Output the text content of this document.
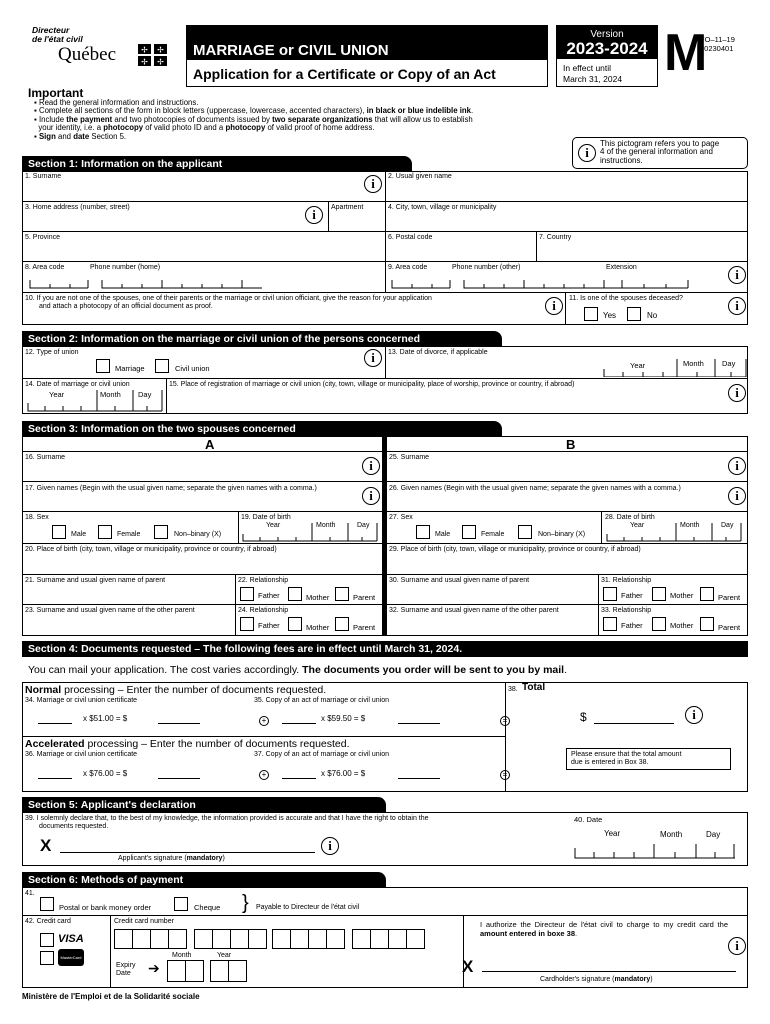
Directeur
de l'état civil
Québec	✢ ✢
✢ ✢
MARRIAGE or CIVIL UNION
Application for a Certificate or Copy of an Act
Version
2023-2024
In effect until
March 31, 2024 M
FO–11–19
20230401
Important
▪ Read the general information and instructions.
▪ Complete all sections of the form in block letters (uppercase, lowercase, accented characters), in black or blue indelible ink.
▪ Include the payment and two photocopies of documents issued by two separate organizations that will allow us to establish
your identity, i.e. a photocopy of valid photo ID and a photocopy of valid proof of home address.
▪ Sign and date Section 5.
i
This pictogram refers you to page
4 of the general information and
instructions.
Section 1: Information on the applicant
1. Surname	i	2. Usual given name
3. Home address (number, street)	i	Apartment	4. City, town, village or municipality
5. Province	6. Postal code	7. Country
8. Area code	Phone number (home)	9. Area code	Phone number (other)	Extension	i
10. If you are not one of the spouses, one of their parents or the marriage or civil union officiant, give the reason for your application
and attach a photocopy of an official document as proof.	i	11. Is one of the spouses deceased?
Yes	No
i
Section 2: Information on the marriage or civil union of the persons concerned
12. Type of union
Marriage	Civil union
i	13. Date of divorce, if applicable
Year	Month Day
14. Date of marriage or civil union
Year	Month Day
15. Place of registration of marriage or civil union (city, town, village or municipality, place of worship, province or country, if abroad)
i
Section 3: Information on the two spouses concerned
A	B
16. Surname
i
17. Given names (Begin with the usual given name; separate the given names with a comma.)	i
18. Sex
Male	Female	Non–binary (X)
19. Date of birth
Year	Month	Day
20. Place of birth (city, town, village or municipality, province or country, if abroad)
21. Surname and usual given name of parent	22. Relationship
Father	Mother	Parent
23. Surname and usual given name of the other parent	24. Relationship
Father	Mother	Parent
25. Surname
i
26. Given names (Begin with the usual given name; separate the given names with a comma.)	i
27. Sex
Male	Female	Non–binary (X)
28. Date of birth
Year	Month	Day
29. Place of birth (city, town, village or municipality, province or country, if abroad)
30. Surname and usual given name of parent	31. Relationship
Father	Mother	Parent
32. Surname and usual given name of the other parent	33. Relationship
Father	Mother	Parent
Section 4: Documents requested – The following fees are in effect until March 31, 2024.
You can mail your application. The cost varies accordingly. The documents you order will be sent to you by mail.
Normal processing – Enter the number of documents requested.
34. Marriage or civil union certificate
x $51.00 = $
35. Copy of an act of marriage or civil union
+	x $59.50 = $	=
38. Total
$	i
Accelerated processing – Enter the number of documents requested.
36. Marriage or civil union certificate
x $76.00 = $
37. Copy of an act of marriage or civil union
+	x $76.00 = $	=
Please ensure that the total amount
due is entered in Box 38.
Section 5: Applicant's declaration
39. I solemnly declare that, to the best of my knowledge, the information provided is accurate and that I have the right to obtain the
documents requested.
X	i
Applicant's signature (mandatory)
40. Date
Year	Month	Day
Section 6: Methods of payment
41.
Postal or bank money order	Cheque } Payable to Directeur de l'état civil
42. Credit card
VISA
MasterCard
Credit card number
Expiry
Date	➔
Month	Year
I authorize the Directeur de l'état civil to charge to my credit card the amount entered in boxe 38.
i
X
Cardholder's signature (mandatory)
Ministère de l'Emploi et de la Solidarité sociale
